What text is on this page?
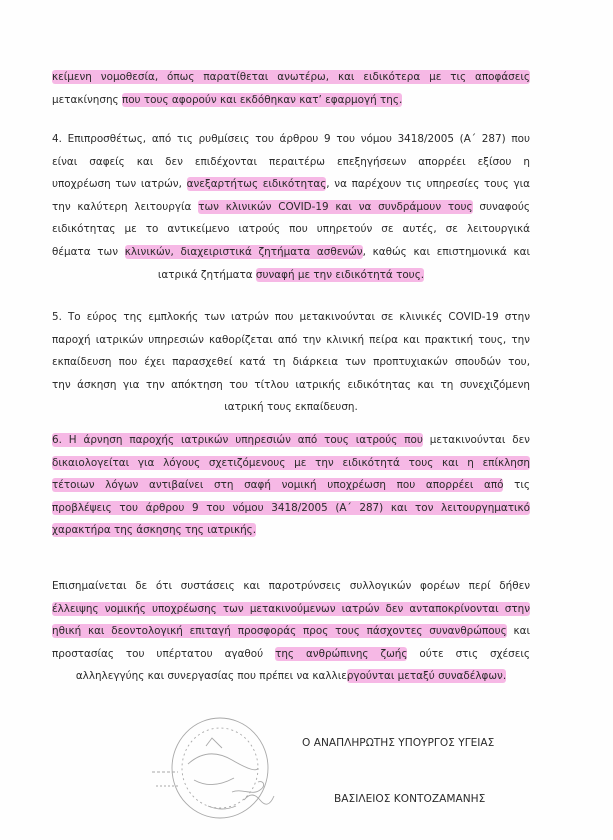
κείμενη νομοθεσία, όπως παρατίθεται ανωτέρω, και ειδικότερα με τις αποφάσεις
μετακίνησης που τους αφορούν και εκδόθηκαν κατ’ εφαρμογή της.
4. Επιπροσθέτως, από τις ρυθμίσεις του άρθρου 9 του νόμου 3418/2005 (Α΄ 287) που
είναι σαφείς και δεν επιδέχονται περαιτέρω επεξηγήσεων απορρέει εξίσου η
υποχρέωση των ιατρών, ανεξαρτήτως ειδικότητας, να παρέχουν τις υπηρεσίες τους για
την καλύτερη λειτουργία των κλινικών COVID-19 και να συνδράμουν τους συναφούς
ειδικότητας με το αντικείμενο ιατρούς που υπηρετούν σε αυτές, σε λειτουργικά
θέματα των κλινικών, διαχειριστικά ζητήματα ασθενών, καθώς και επιστημονικά και
ιατρικά ζητήματα συναφή με την ειδικότητά τους.
5. Το εύρος της εμπλοκής των ιατρών που μετακινούνται σε κλινικές COVID-19 στην
παροχή ιατρικών υπηρεσιών καθορίζεται από την κλινική πείρα και πρακτική τους, την
εκπαίδευση που έχει παρασχεθεί κατά τη διάρκεια των προπτυχιακών σπουδών του,
την άσκηση για την απόκτηση του τίτλου ιατρικής ειδικότητας και τη συνεχιζόμενη
ιατρική τους εκπαίδευση.
6. Η άρνηση παροχής ιατρικών υπηρεσιών από τους ιατρούς που μετακινούνται δεν
δικαιολογείται για λόγους σχετιζόμενους με την ειδικότητά τους και η επίκληση
τέτοιων λόγων αντιβαίνει στη σαφή νομική υποχρέωση που απορρέει από τις
προβλέψεις του άρθρου 9 του νόμου 3418/2005 (Α΄ 287) και τον λειτουργηματικό
χαρακτήρα της άσκησης της ιατρικής.
Επισημαίνεται δε ότι συστάσεις και παροτρύνσεις συλλογικών φορέων περί δήθεν
έλλειψης νομικής υποχρέωσης των μετακινούμενων ιατρών δεν ανταποκρίνονται στην
ηθική και δεοντολογική επιταγή προσφοράς προς τους πάσχοντες συνανθρώπους και
προστασίας του υπέρτατου αγαθού της ανθρώπινης ζωής ούτε στις σχέσεις
αλληλεγγύης και συνεργασίας που πρέπει να καλλιεργούνται μεταξύ συναδέλφων.
Ο ΑΝΑΠΛΗΡΩΤΗΣ ΥΠΟΥΡΓΟΣ ΥΓΕΙΑΣ
ΒΑΣΙΛΕΙΟΣ ΚΟΝΤΟΖΑΜΑΝΗΣ
